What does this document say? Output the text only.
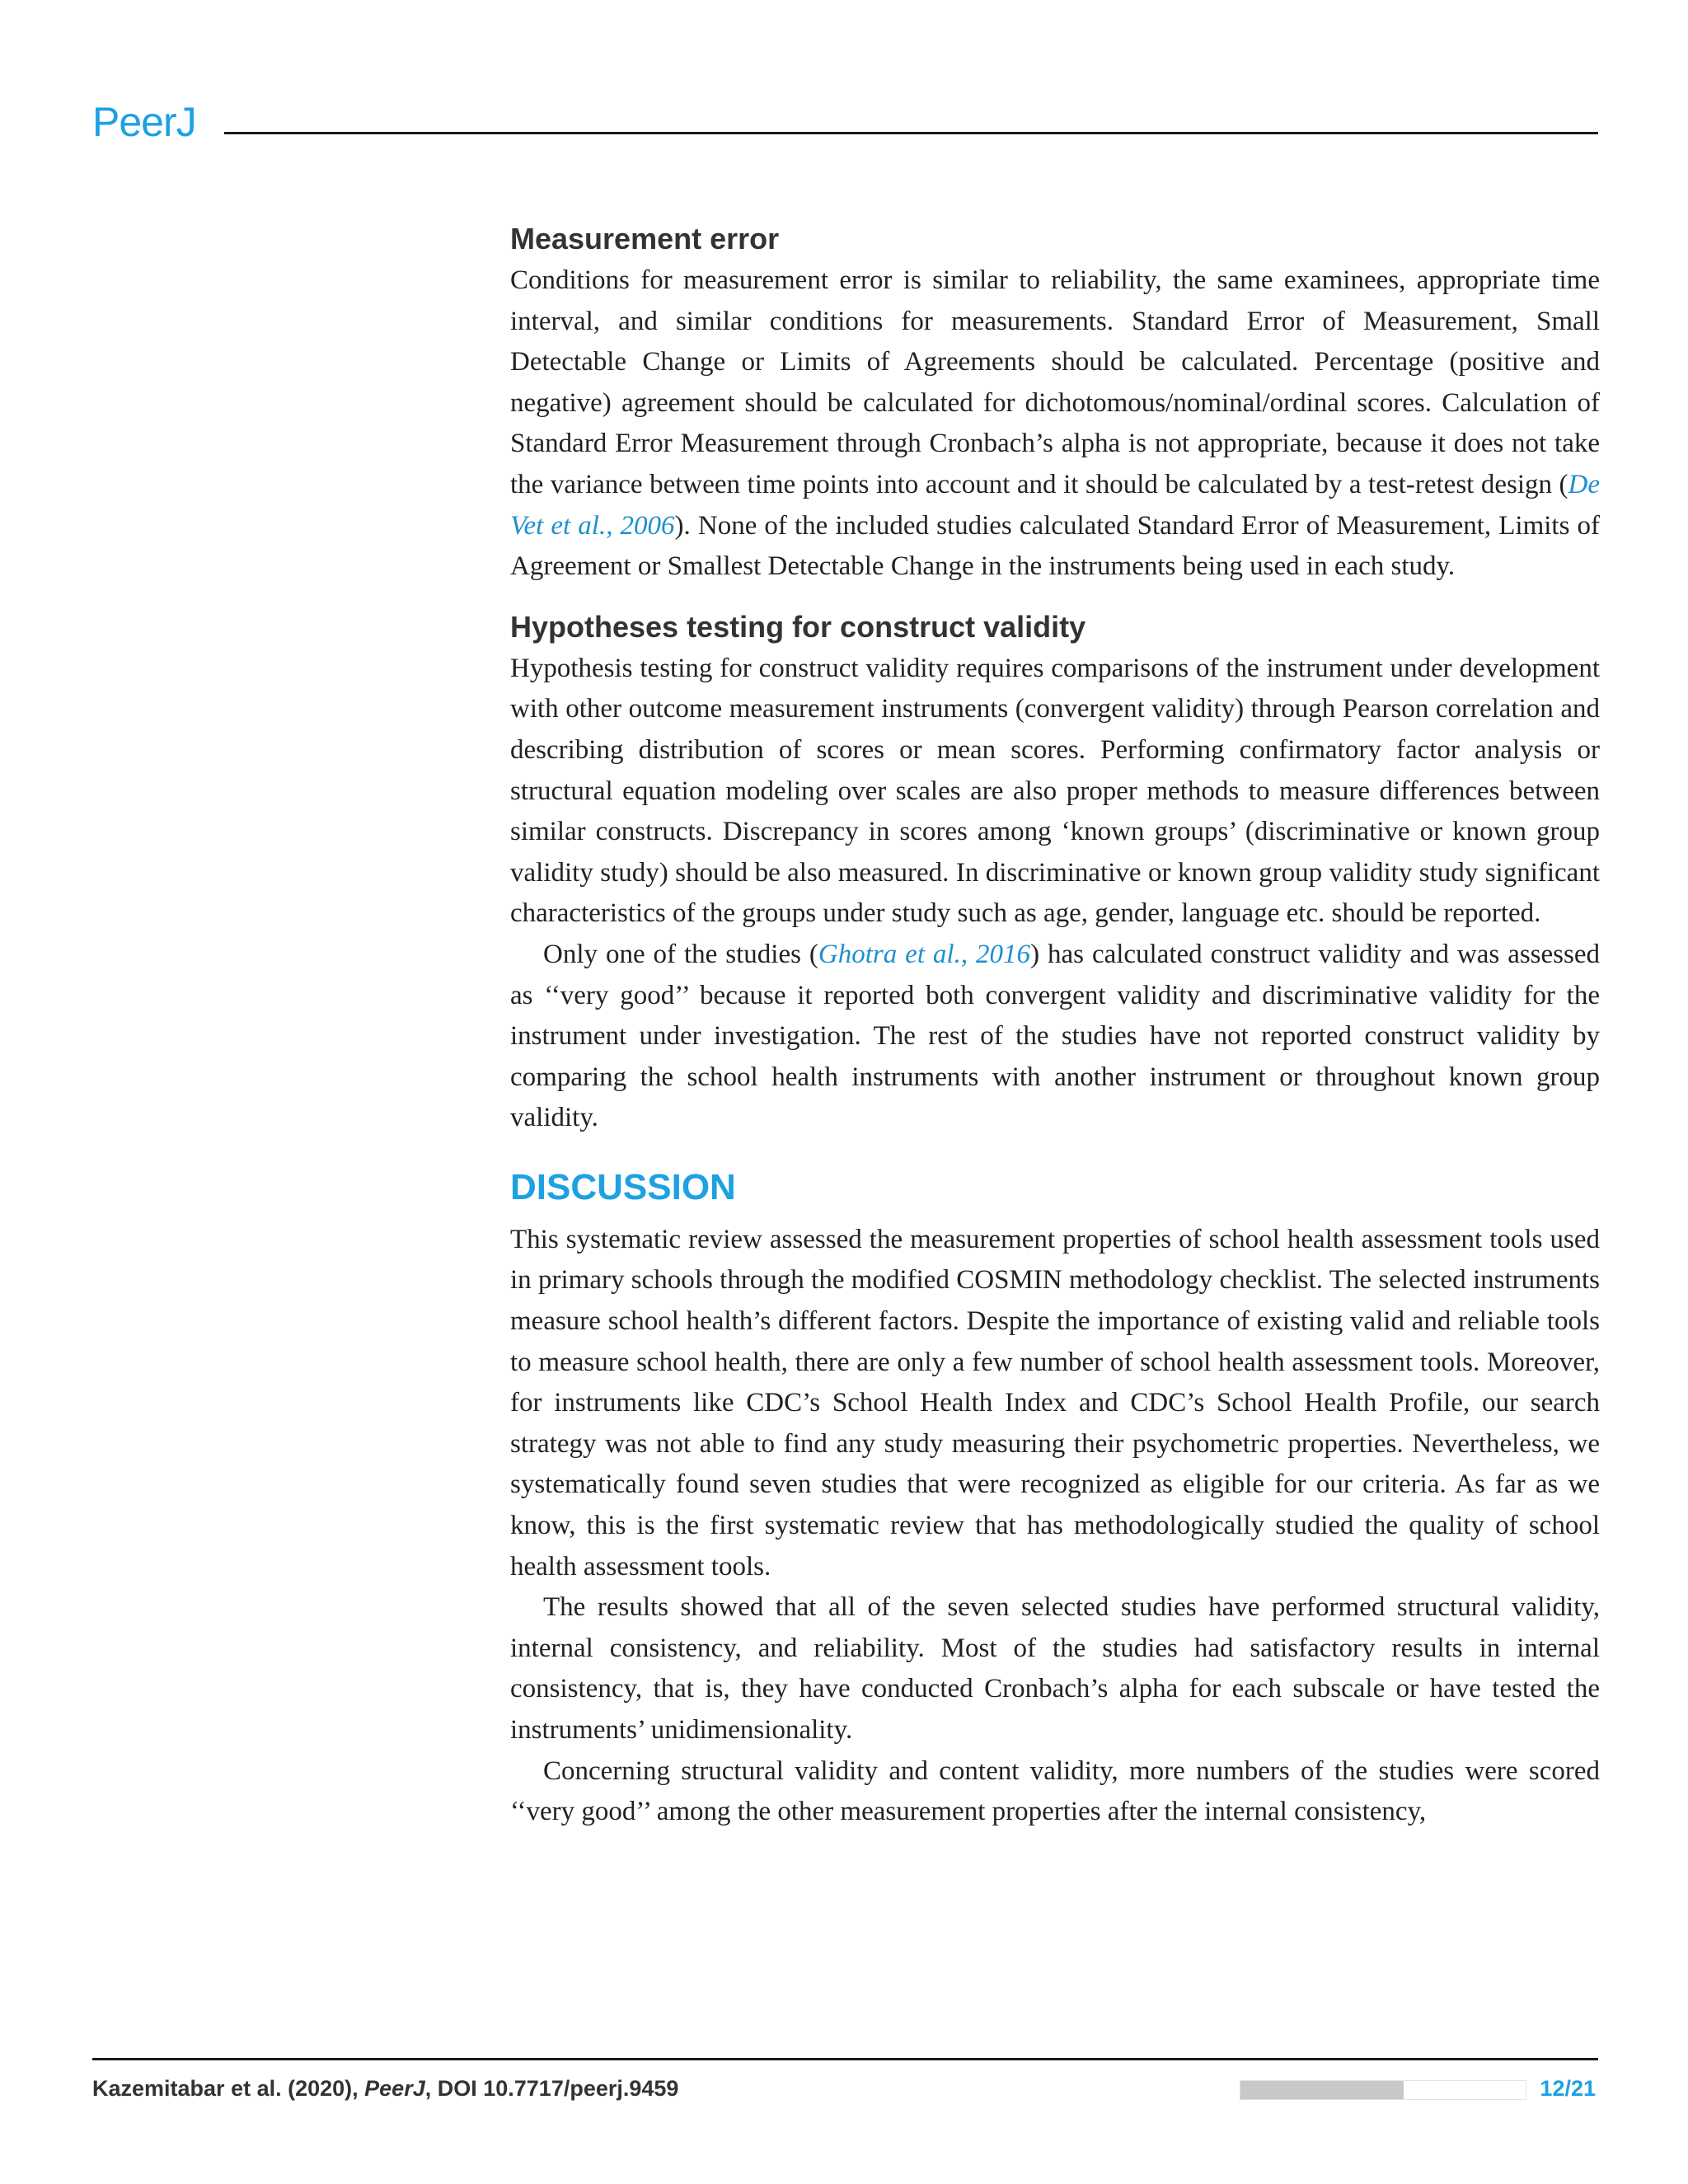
PeerJ
Measurement error

Conditions for measurement error is similar to reliability, the same examinees, appropriate time interval, and similar conditions for measurements. Standard Error of Measurement, Small Detectable Change or Limits of Agreements should be calculated. Percentage (positive and negative) agreement should be calculated for dichotomous/nominal/ordinal scores. Calculation of Standard Error Measurement through Cronbach’s alpha is not appropriate, because it does not take the variance between time points into account and it should be calculated by a test-retest design (De Vet et al., 2006). None of the included studies calculated Standard Error of Measurement, Limits of Agreement or Smallest Detectable Change in the instruments being used in each study.

Hypotheses testing for construct validity

Hypothesis testing for construct validity requires comparisons of the instrument under development with other outcome measurement instruments (convergent validity) through Pearson correlation and describing distribution of scores or mean scores. Performing confirmatory factor analysis or structural equation modeling over scales are also proper methods to measure differences between similar constructs. Discrepancy in scores among ‘known groups’ (discriminative or known group validity study) should be also measured. In discriminative or known group validity study significant characteristics of the groups under study such as age, gender, language etc. should be reported.

Only one of the studies (Ghotra et al., 2016) has calculated construct validity and was assessed as ‘‘very good’’ because it reported both convergent validity and discriminative validity for the instrument under investigation. The rest of the studies have not reported construct validity by comparing the school health instruments with another instrument or throughout known group validity.

DISCUSSION

This systematic review assessed the measurement properties of school health assessment tools used in primary schools through the modified COSMIN methodology checklist. The selected instruments measure school health’s different factors. Despite the importance of existing valid and reliable tools to measure school health, there are only a few number of school health assessment tools. Moreover, for instruments like CDC’s School Health Index and CDC’s School Health Profile, our search strategy was not able to find any study measuring their psychometric properties. Nevertheless, we systematically found seven studies that were recognized as eligible for our criteria. As far as we know, this is the first systematic review that has methodologically studied the quality of school health assessment tools.

The results showed that all of the seven selected studies have performed structural validity, internal consistency, and reliability. Most of the studies had satisfactory results in internal consistency, that is, they have conducted Cronbach’s alpha for each subscale or have tested the instruments’ unidimensionality.

Concerning structural validity and content validity, more numbers of the studies were scored ‘‘very good’’ among the other measurement properties after the internal consistency,

Kazemitabar et al. (2020), PeerJ, DOI 10.7717/peerj.9459	12/21
